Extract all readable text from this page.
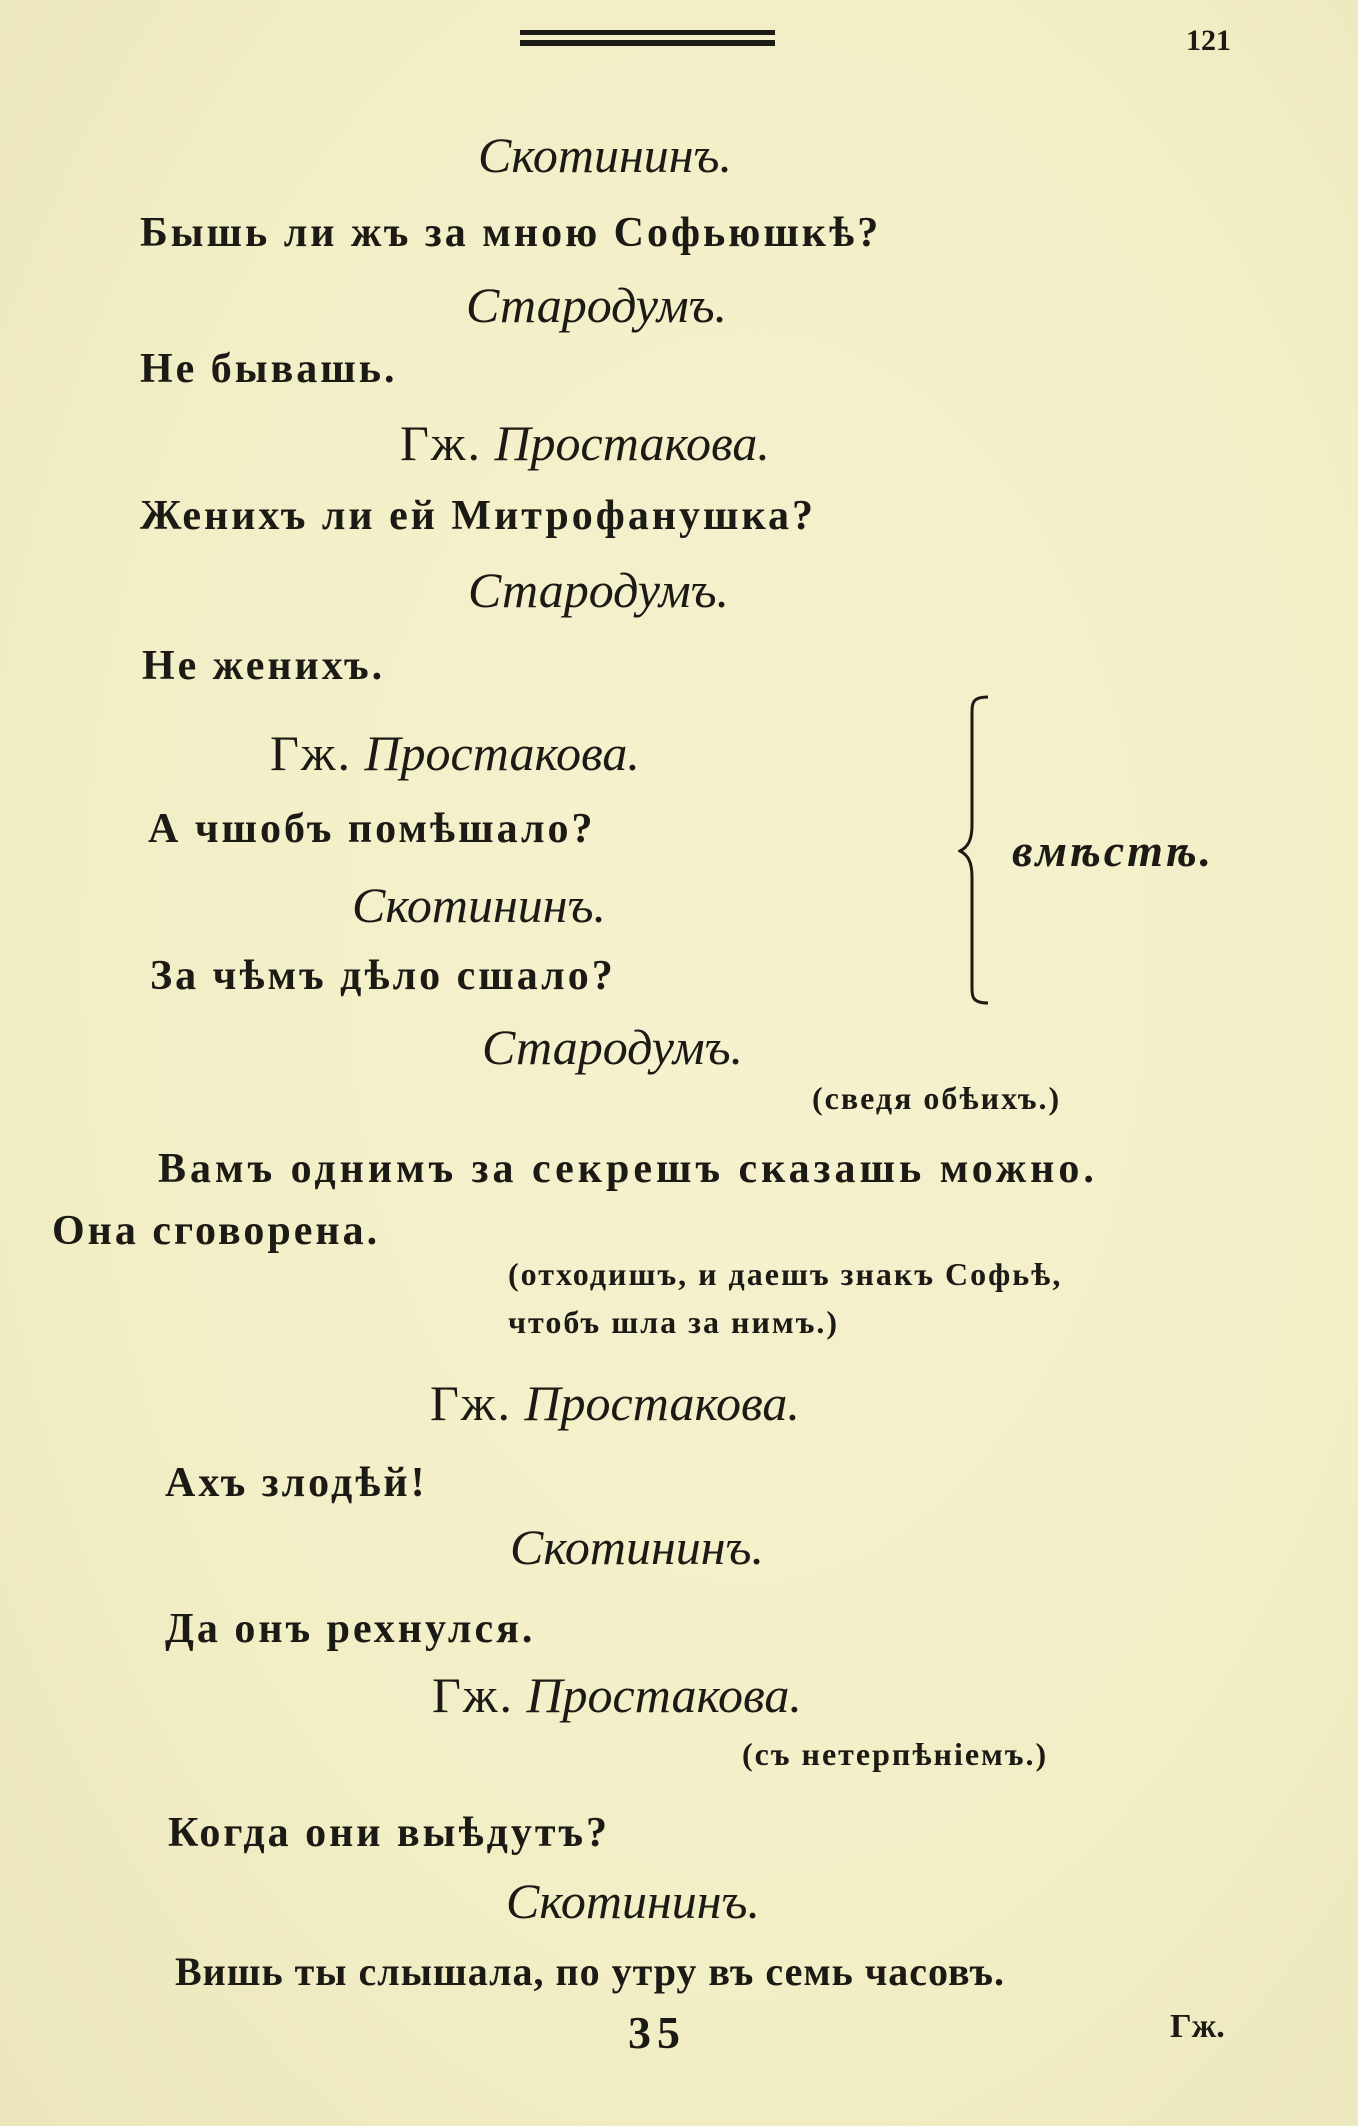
121
Скотининъ.
Бышь ли жъ за мною Софьюшкѣ?
Стародумъ.
Не бывашь.
Гж. Простакова.
Женихъ ли ей Митрофанушка?
Стародумъ.
Не женихъ.
Гж. Простакова.
А чшобъ помѣшало?
Скотининъ.
За чѣмъ дѣло сшало?
вмѣстѣ.
Стародумъ.
(сведя обѣихъ.)
Вамъ однимъ за секрешъ сказашь можно.
Она сговорена.
(отходишъ, и даешъ знакъ Софьѣ,
чтобъ шла за нимъ.)
Гж. Простакова.
Ахъ злодѣй!
Скотининъ.
Да онъ рехнулся.
Гж. Простакова.
(съ нетерпѣнiемъ.)
Когда они выѣдутъ?
Скотининъ.
Вишь ты слышала, по утру въ семь часовъ.
35	Гж.
